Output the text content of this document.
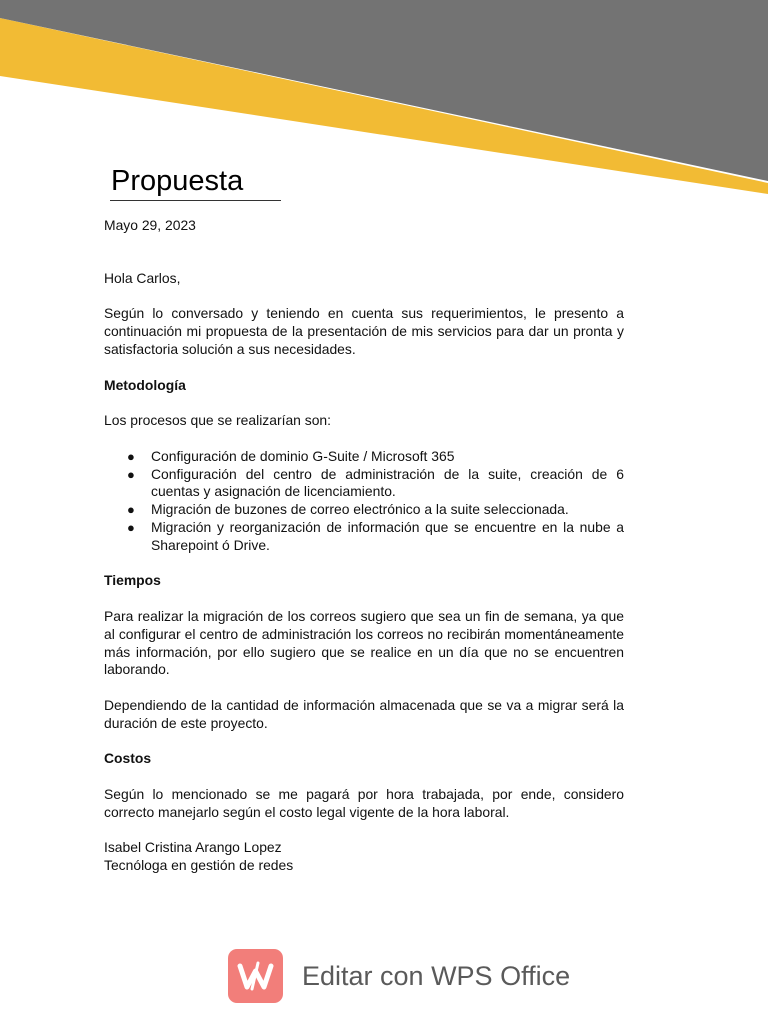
Propuesta

Mayo 29, 2023

Hola Carlos,

Según lo conversado y teniendo en cuenta sus requerimientos, le presento a continuación mi propuesta de la presentación de mis servicios para dar un pronta y satisfactoria solución a sus necesidades.

Metodología

Los procesos que se realizarían son:

● Configuración de dominio G-Suite / Microsoft 365
● Configuración del centro de administración de la suite, creación de 6 cuentas y asignación de licenciamiento.
● Migración de buzones de correo electrónico a la suite seleccionada.
● Migración y reorganización de información que se encuentre en la nube a Sharepoint ó Drive.

Tiempos

Para realizar la migración de los correos sugiero que sea un fin de semana, ya que al configurar el centro de administración los correos no recibirán momentáneamente más información, por ello sugiero que se realice en un día que no se encuentren laborando.

Dependiendo de la cantidad de información almacenada que se va a migrar será la duración de este proyecto.

Costos

Según lo mencionado se me pagará por hora trabajada, por ende, considero correcto manejarlo según el costo legal vigente de la hora laboral.

Isabel Cristina Arango Lopez

Tecnóloga en gestión de redes

Editar con WPS Office
